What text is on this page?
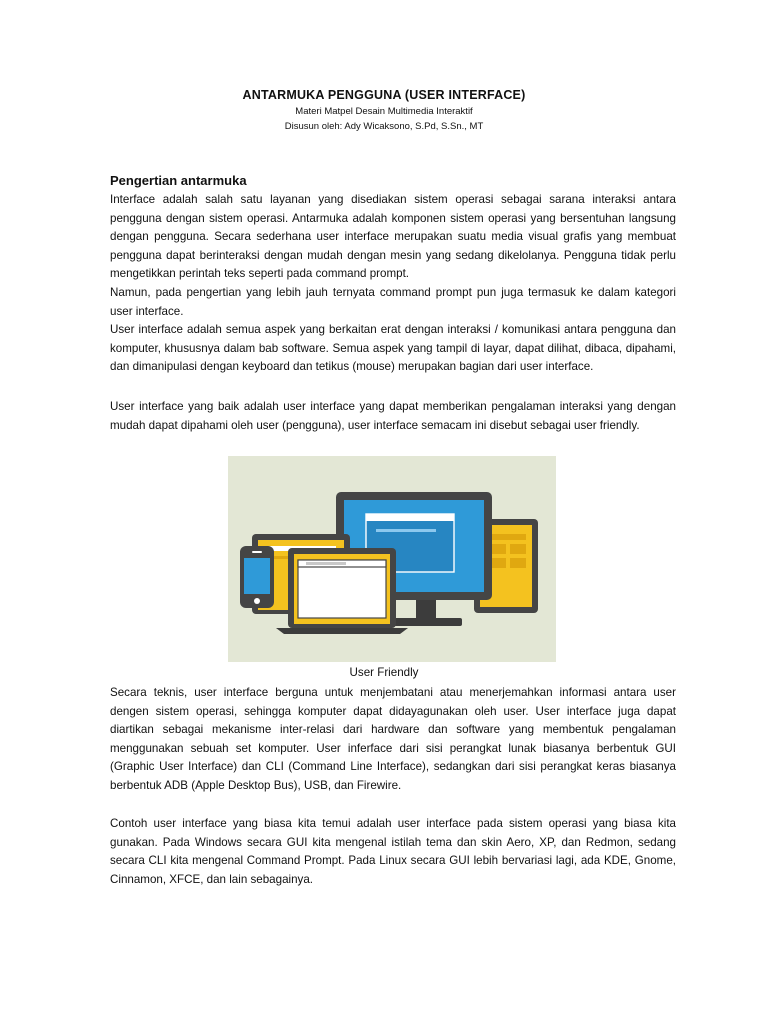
ANTARMUKA PENGGUNA (USER INTERFACE)

Materi Matpel Desain Multimedia Interaktif

Disusun oleh: Ady Wicaksono, S.Pd, S.Sn., MT

Pengertian antarmuka

Interface adalah salah satu layanan yang disediakan sistem operasi sebagai sarana interaksi antara pengguna dengan sistem operasi. Antarmuka adalah komponen sistem operasi yang bersentuhan langsung dengan pengguna. Secara sederhana user interface merupakan suatu media visual grafis yang membuat pengguna dapat berinteraksi dengan mudah dengan mesin yang sedang dikelolanya. Pengguna tidak perlu mengetikkan perintah teks seperti pada command prompt.
Namun, pada pengertian yang lebih jauh ternyata command prompt pun juga termasuk ke dalam kategori user interface.
User interface adalah semua aspek yang berkaitan erat dengan interaksi / komunikasi antara pengguna dan komputer, khususnya dalam bab software. Semua aspek yang tampil di layar, dapat dilihat, dibaca, dipahami, dan dimanipulasi dengan keyboard dan tetikus (mouse) merupakan bagian dari user interface.

User interface yang baik adalah user interface yang dapat memberikan pengalaman interaksi yang dengan mudah dapat dipahami oleh user (pengguna), user interface semacam ini disebut sebagai user friendly.

User Friendly

Secara teknis, user interface berguna untuk menjembatani atau menerjemahkan informasi antara user dengen sistem operasi, sehingga komputer dapat didayagunakan oleh user. User interface juga dapat diartikan sebagai mekanisme inter-relasi dari hardware dan software yang membentuk pengalaman menggunakan sebuah set komputer. User inferface dari sisi perangkat lunak biasanya berbentuk GUI (Graphic User Interface) dan CLI (Command Line Interface), sedangkan dari sisi perangkat keras biasanya berbentuk ADB (Apple Desktop Bus), USB, dan Firewire.

Contoh user interface yang biasa kita temui adalah user interface pada sistem operasi yang biasa kita gunakan. Pada Windows secara GUI kita mengenal istilah tema dan skin Aero, XP, dan Redmon, sedang secara CLI kita mengenal Command Prompt. Pada Linux secara GUI lebih bervariasi lagi, ada KDE, Gnome, Cinnamon, XFCE, dan lain sebagainya.
